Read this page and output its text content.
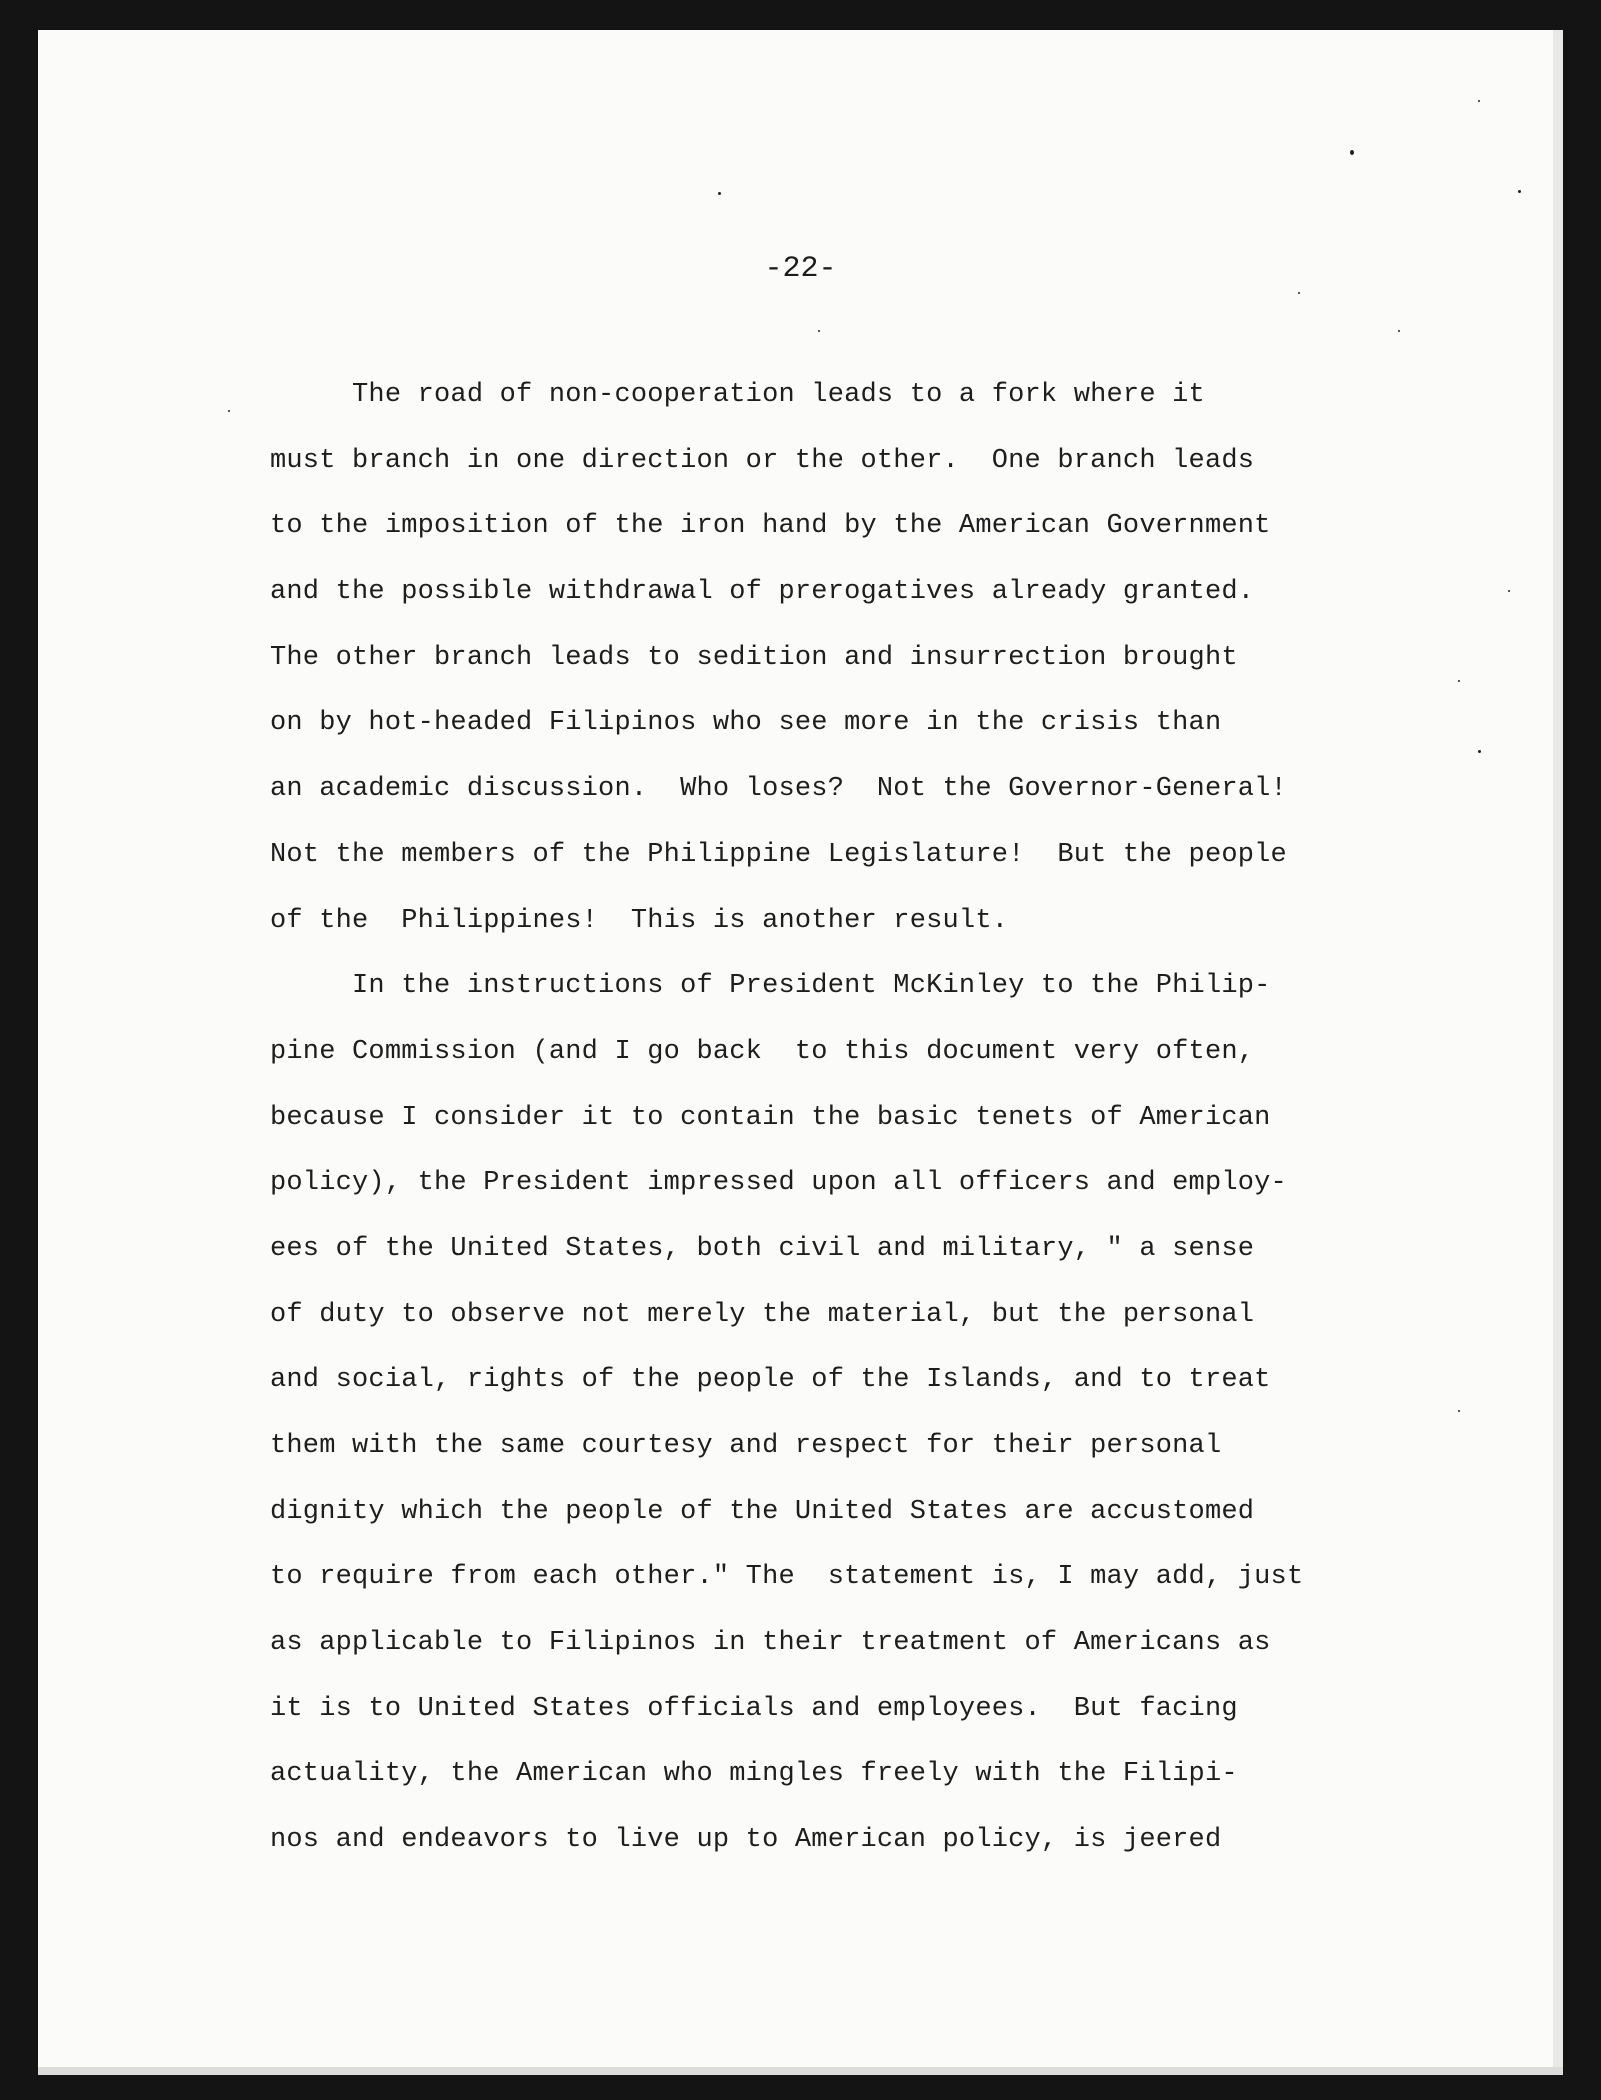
-22-

The road of non-cooperation leads to a fork where it

must branch in one direction or the other.  One branch leads

to the imposition of the iron hand by the American Government

and the possible withdrawal of prerogatives already granted.

The other branch leads to sedition and insurrection brought

on by hot-headed Filipinos who see more in the crisis than

an academic discussion.  Who loses?  Not the Governor-General!

Not the members of the Philippine Legislature!  But the people

of the  Philippines!  This is another result.

In the instructions of President McKinley to the Philip-

pine Commission (and I go back  to this document very often,

because I consider it to contain the basic tenets of American

policy), the President impressed upon all officers and employ-

ees of the United States, both civil and military, " a sense

of duty to observe not merely the material, but the personal

and social, rights of the people of the Islands, and to treat

them with the same courtesy and respect for their personal

dignity which the people of the United States are accustomed

to require from each other." The  statement is, I may add, just

as applicable to Filipinos in their treatment of Americans as

it is to United States officials and employees.  But facing

actuality, the American who mingles freely with the Filipi-

nos and endeavors to live up to American policy, is jeered
